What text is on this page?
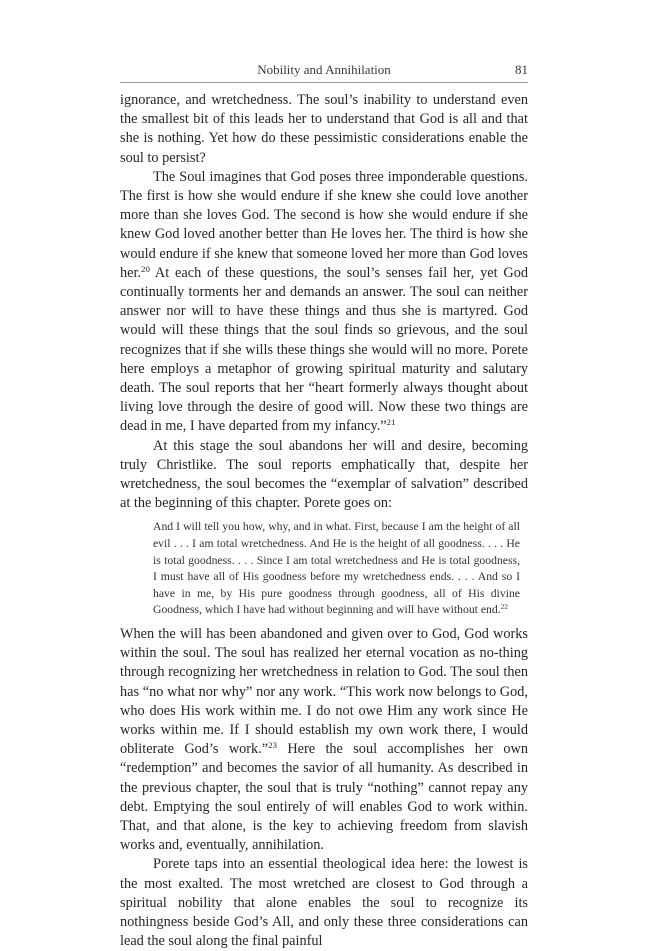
Nobility and Annihilation	81

ignorance, and wretchedness. The soul’s inability to understand even the smallest bit of this leads her to understand that God is all and that she is nothing. Yet how do these pessimistic considerations enable the soul to persist?

The Soul imagines that God poses three imponderable questions. The first is how she would endure if she knew she could love another more than she loves God. The second is how she would endure if she knew God loved another better than He loves her. The third is how she would endure if she knew that someone loved her more than God loves her.$^{20}$ At each of these questions, the soul’s senses fail her, yet God continually torments her and demands an answer. The soul can neither answer nor will to have these things and thus she is martyred. God would will these things that the soul finds so grievous, and the soul recognizes that if she wills these things she would will no more. Porete here employs a metaphor of growing spiritual maturity and salutary death. The soul reports that her “heart formerly always thought about living love through the desire of good will. Now these two things are dead in me, I have departed from my infancy.”$^{21}$

At this stage the soul abandons her will and desire, becoming truly Christlike. The soul reports emphatically that, despite her wretchedness, the soul becomes the “exemplar of salvation” described at the beginning of this chapter. Porete goes on:

And I will tell you how, why, and in what. First, because I am the height of all evil . . . I am total wretchedness. And He is the height of all goodness. . . . He is total goodness. . . . Since I am total wretchedness and He is total goodness, I must have all of His goodness before my wretchedness ends. . . . And so I have in me, by His pure goodness through goodness, all of His divine Goodness, which I have had without beginning and will have without end.$^{22}$

When the will has been abandoned and given over to God, God works within the soul. The soul has realized her eternal vocation as no-thing through recognizing her wretchedness in relation to God. The soul then has “no what nor why” nor any work. “This work now belongs to God, who does His work within me. I do not owe Him any work since He works within me. If I should establish my own work there, I would obliterate God’s work.”$^{23}$ Here the soul accomplishes her own “redemption” and becomes the savior of all humanity. As described in the previous chapter, the soul that is truly “nothing” cannot repay any debt. Emptying the soul entirely of will enables God to work within. That, and that alone, is the key to achieving freedom from slavish works and, eventually, annihilation.

Porete taps into an essential theological idea here: the lowest is the most exalted. The most wretched are closest to God through a spiritual nobility that alone enables the soul to recognize its nothingness beside God’s All, and only these three considerations can lead the soul along the final painful
